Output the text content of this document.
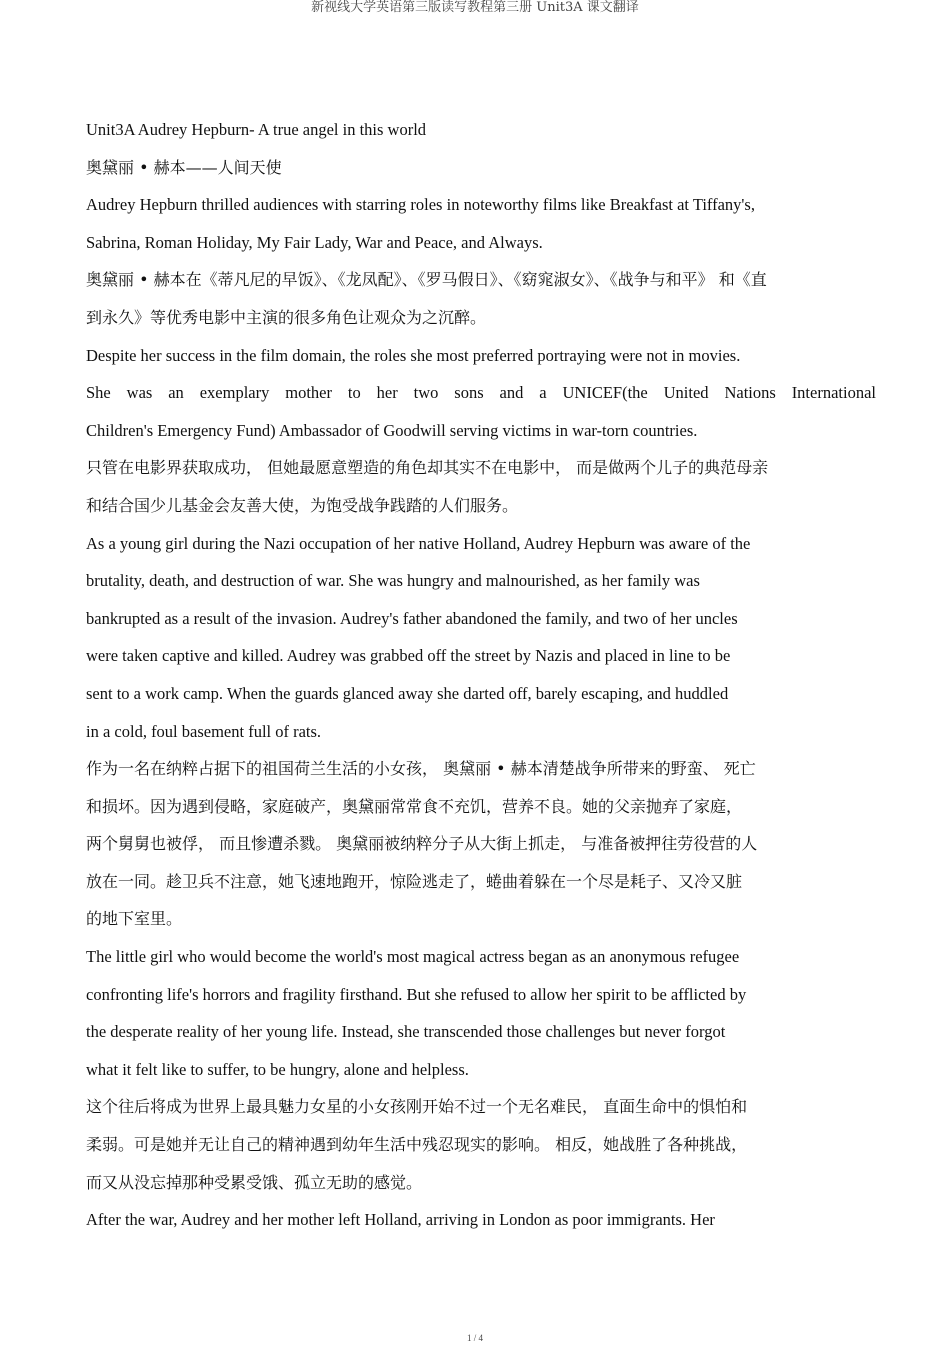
新视线大学英语第三版读写教程第三册 Unit3A 课文翻译
Unit3A Audrey Hepburn- A true angel in this world
奥黛丽 • 赫本——人间天使
Audrey Hepburn thrilled audiences with starring roles in noteworthy films like Breakfast at Tiffany's,
Sabrina, Roman Holiday, My Fair Lady, War and Peace, and Always.
奥黛丽 • 赫本在《蒂凡尼的早饭》、《龙凤配》、《罗马假日》、《窈窕淑女》、《战争与和平》 和《直
到永久》等优秀电影中主演的很多角色让观众为之沉醉。
Despite her success in the film domain, the roles she most preferred portraying were not in movies.
She was an exemplary mother to her two sons and a UNICEF(the United Nations International
Children's Emergency Fund) Ambassador of Goodwill serving victims in war-torn countries.
只管在电影界获取成功， 但她最愿意塑造的角色却其实不在电影中， 而是做两个儿子的典范母亲
和结合国少儿基金会友善大使，为饱受战争践踏的人们服务。
As a young girl during the Nazi occupation of her native Holland, Audrey Hepburn was aware of the
brutality, death, and destruction of war. She was hungry and malnourished, as her family was
bankrupted as a result of the invasion. Audrey's father abandoned the family, and two of her uncles
were taken captive and killed. Audrey was grabbed off the street by Nazis and placed in line to be
sent to a work camp. When the guards glanced away she darted off, barely escaping, and huddled
in a cold, foul basement full of rats.
作为一名在纳粹占据下的祖国荷兰生活的小女孩， 奥黛丽 • 赫本清楚战争所带来的野蛮、 死亡
和损坏。因为遇到侵略，家庭破产，奥黛丽常常食不充饥，营养不良。她的父亲抛弃了家庭，
两个舅舅也被俘， 而且惨遭杀戮。 奥黛丽被纳粹分子从大街上抓走， 与准备被押往劳役营的人
放在一同。趁卫兵不注意，她飞速地跑开，惊险逃走了，蜷曲着躲在一个尽是耗子、又冷又脏
的地下室里。
The little girl who would become the world's most magical actress began as an anonymous refugee
confronting life's horrors and fragility firsthand. But she refused to allow her spirit to be afflicted by
the desperate reality of her young life. Instead, she transcended those challenges but never forgot
what it felt like to suffer, to be hungry, alone and helpless.
这个往后将成为世界上最具魅力女星的小女孩刚开始不过一个无名难民， 直面生命中的惧怕和
柔弱。可是她并无让自己的精神遇到幼年生活中残忍现实的影响。 相反，她战胜了各种挑战，
而又从没忘掉那种受累受饿、孤立无助的感觉。
After the war, Audrey and her mother left Holland, arriving in London as poor immigrants. Her
1 / 4
